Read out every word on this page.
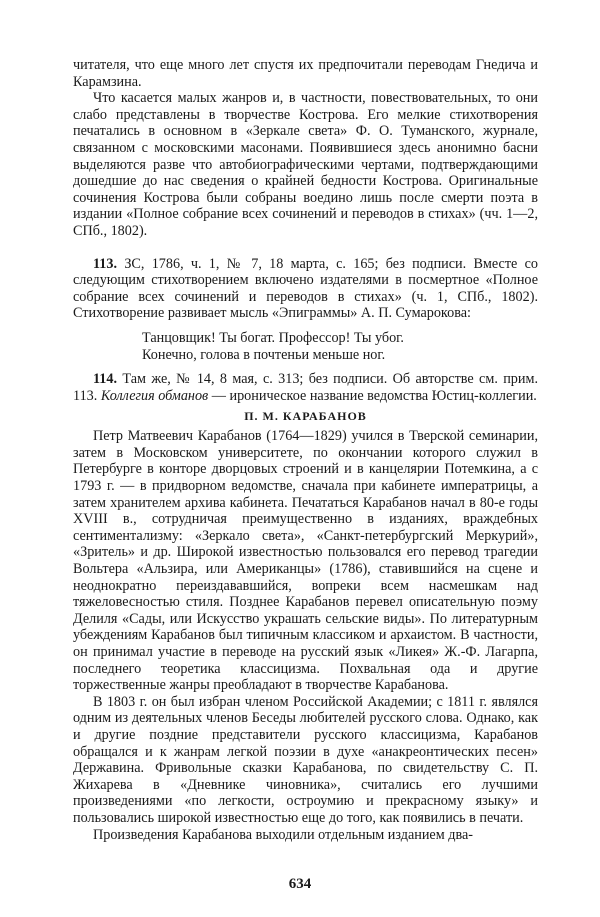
читателя, что еще много лет спустя их предпочитали переводам Гнедича и Карамзина.

Что касается малых жанров и, в частности, повествовательных, то они слабо представлены в творчестве Кострова. Его мелкие стихотворения печатались в основном в «Зеркале света» Ф. О. Туманского, журнале, связанном с московскими масонами. Появившиеся здесь анонимно басни выделяются разве что автобиографическими чертами, подтверждающими дошедшие до нас сведения о крайней бедности Кострова. Оригинальные сочинения Кострова были собраны воедино лишь после смерти поэта в издании «Полное собрание всех сочинений и переводов в стихах» (чч. 1—2, СПб., 1802).

113. ЗС, 1786, ч. 1, № 7, 18 марта, с. 165; без подписи. Вместе со следующим стихотворением включено издателями в посмертное «Полное собрание всех сочинений и переводов в стихах» (ч. 1, СПб., 1802). Стихотворение развивает мысль «Эпиграммы» А. П. Сумарокова:

Танцовщик! Ты богат. Профессор! Ты убог.
Конечно, голова в почтеньи меньше ног.

114. Там же, № 14, 8 мая, с. 313; без подписи. Об авторстве см. прим. 113. Коллегия обманов — ироническое название ведомства Юстиц-коллегии.

П. М. КАРАБАНОВ

Петр Матвеевич Карабанов (1764—1829) учился в Тверской семинарии, затем в Московском университете, по окончании которого служил в Петербурге в конторе дворцовых строений и в канцелярии Потемкина, а с 1793 г. — в придворном ведомстве, сначала при кабинете императрицы, а затем хранителем архива кабинета. Печататься Карабанов начал в 80-е годы XVIII в., сотрудничая преимущественно в изданиях, враждебных сентиментализму: «Зеркало света», «Санкт-петербургский Меркурий», «Зритель» и др. Широкой известностью пользовался его перевод трагедии Вольтера «Альзира, или Американцы» (1786), ставившийся на сцене и неоднократно переиздававшийся, вопреки всем насмешкам над тяжеловесностью стиля. Позднее Карабанов перевел описательную поэму Делиля «Сады, или Искусство украшать сельские виды». По литературным убеждениям Карабанов был типичным классиком и архаистом. В частности, он принимал участие в переводе на русский язык «Ликея» Ж.-Ф. Лагарпа, последнего теоретика классицизма. Похвальная ода и другие торжественные жанры преобладают в творчестве Карабанова.

В 1803 г. он был избран членом Российской Академии; с 1811 г. являлся одним из деятельных членов Беседы любителей русского слова. Однако, как и другие поздние представители русского классицизма, Карабанов обращался и к жанрам легкой поэзии в духе «анакреонтических песен» Державина. Фривольные сказки Карабанова, по свидетельству С. П. Жихарева в «Дневнике чиновника», считались его лучшими произведениями «по легкости, остроумию и прекрасному языку» и пользовались широкой известностью еще до того, как появились в печати.

Произведения Карабанова выходили отдельным изданием два-

634
